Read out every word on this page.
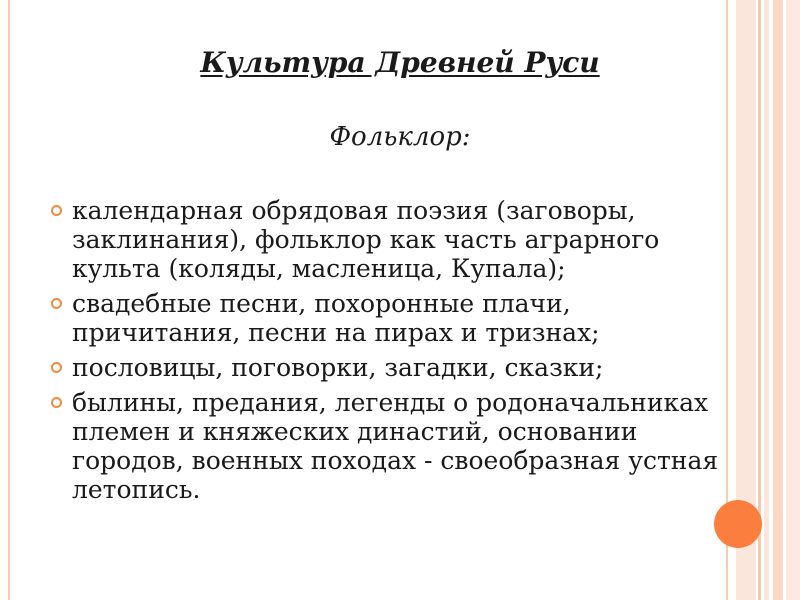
Культура Древней Руси
Фольклор:
календарная обрядовая поэзия (заговоры, заклинания), фольклор как часть аграрного культа (коляды, масленица, Купала);
свадебные песни, похоронные плачи, причитания, песни на пирах и тризнах;
пословицы, поговорки, загадки, сказки;
былины, предания, легенды о родоначальниках племен и княжеских династий, основании городов, военных походах - своеобразная устная летопись.
